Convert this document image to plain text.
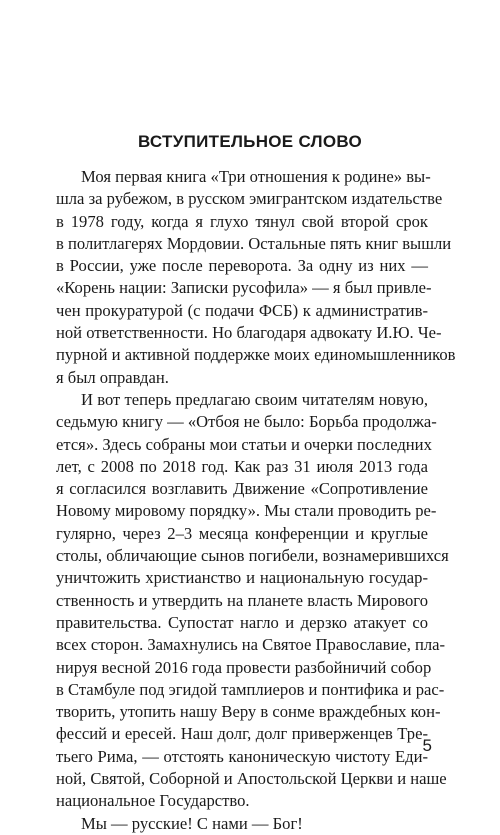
ВСТУПИТЕЛЬНОЕ СЛОВО
Моя первая книга «Три отношения к родине» вы-
шла за рубежом, в русском эмигрантском издательстве
в 1978 году, когда я глухо тянул свой второй срок
в политлагерях Мордовии. Остальные пять книг вышли
в России, уже после переворота. За одну из них —
«Корень нации: Записки русофила» — я был привле-
чен прокуратурой (с подачи ФСБ) к административ-
ной ответственности. Но благодаря адвокату И.Ю. Че-
пурной и активной поддержке моих единомышленников
я был оправдан.
И вот теперь предлагаю своим читателям новую,
седьмую книгу — «Отбоя не было: Борьба продолжа-
ется». Здесь собраны мои статьи и очерки последних
лет, с 2008 по 2018 год. Как раз 31 июля 2013 года
я согласился возглавить Движение «Сопротивление
Новому мировому порядку». Мы стали проводить ре-
гулярно, через 2–3 месяца конференции и круглые
столы, обличающие сынов погибели, вознамерившихся
уничтожить христианство и национальную государ-
ственность и утвердить на планете власть Мирового
правительства. Супостат нагло и дерзко атакует со
всех сторон. Замахнулись на Святое Православие, пла-
нируя весной 2016 года провести разбойничий собор
в Стамбуле под эгидой тамплиеров и понтифика и рас-
творить, утопить нашу Веру в сонме враждебных кон-
фессий и ересей. Наш долг, долг приверженцев Тре-
тьего Рима, — отстоять каноническую чистоту Еди-
ной, Святой, Соборной и Апостольской Церкви и наше
национальное Государство.
Мы — русские! С нами — Бог!
5
